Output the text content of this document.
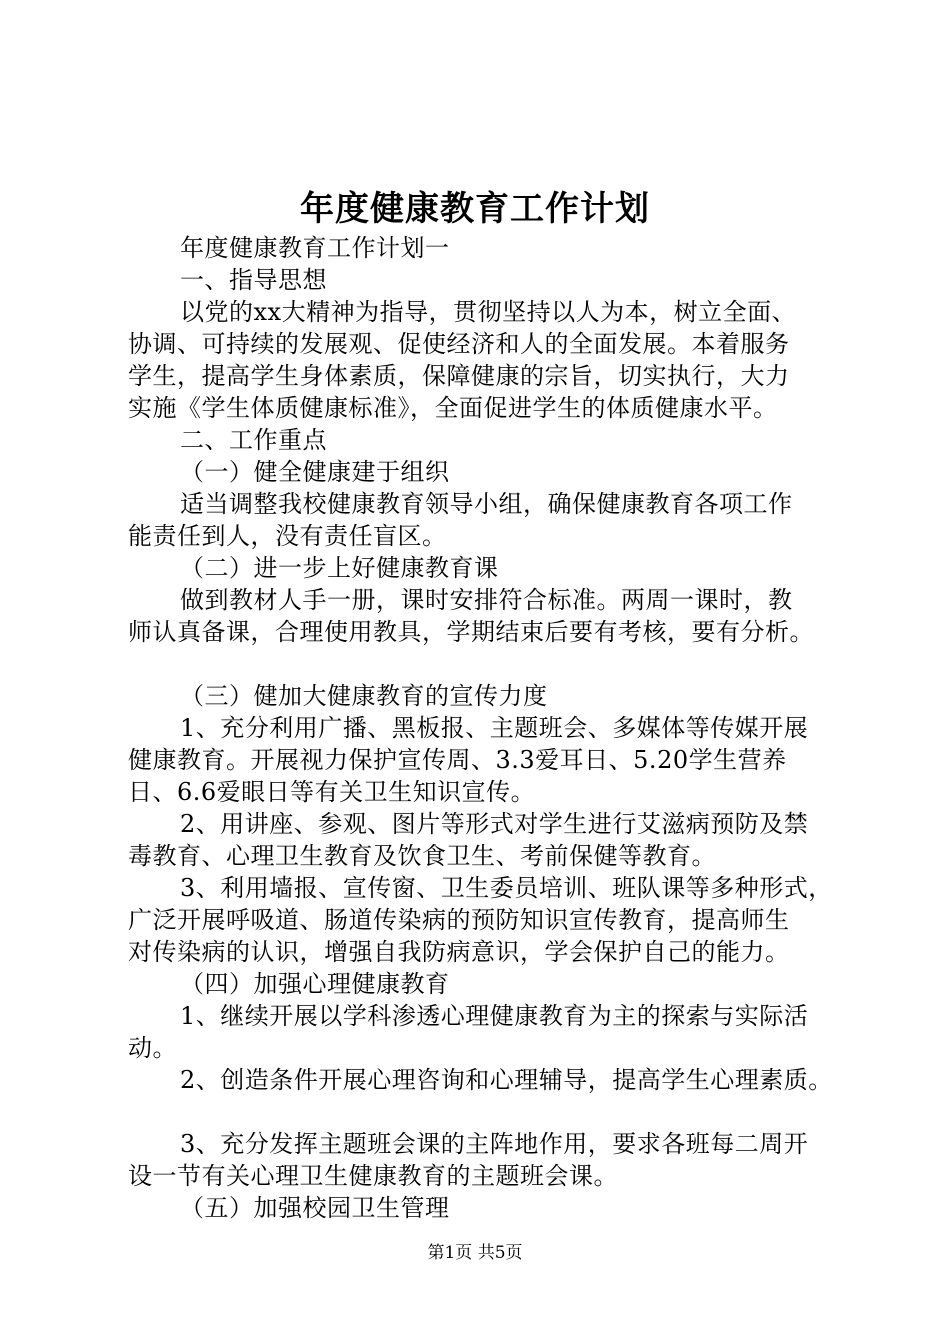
年度健康教育工作计划
年度健康教育工作计划一
一、指导思想
以党的xx大精神为指导，贯彻坚持以人为本，树立全面、
协调、可持续的发展观、促使经济和人的全面发展。本着服务
学生，提高学生身体素质，保障健康的宗旨，切实执行，大力
实施《学生体质健康标准》，全面促进学生的体质健康水平。
二、工作重点
（一）健全健康建于组织
适当调整我校健康教育领导小组，确保健康教育各项工作
能责任到人，没有责任盲区。
（二）进一步上好健康教育课
做到教材人手一册，课时安排符合标准。两周一课时，教
师认真备课，合理使用教具，学期结束后要有考核，要有分析。
（三）健加大健康教育的宣传力度
1、充分利用广播、黑板报、主题班会、多媒体等传媒开展
健康教育。开展视力保护宣传周、3.3爱耳日、5.20学生营养
日、6.6爱眼日等有关卫生知识宣传。
2、用讲座、参观、图片等形式对学生进行艾滋病预防及禁
毒教育、心理卫生教育及饮食卫生、考前保健等教育。
3、利用墙报、宣传窗、卫生委员培训、班队课等多种形式，
广泛开展呼吸道、肠道传染病的预防知识宣传教育，提高师生
对传染病的认识，增强自我防病意识，学会保护自己的能力。
（四）加强心理健康教育
1、继续开展以学科渗透心理健康教育为主的探索与实际活
动。
2、创造条件开展心理咨询和心理辅导，提高学生心理素质。
3、充分发挥主题班会课的主阵地作用，要求各班每二周开
设一节有关心理卫生健康教育的主题班会课。
（五）加强校园卫生管理
第1页 共5页
